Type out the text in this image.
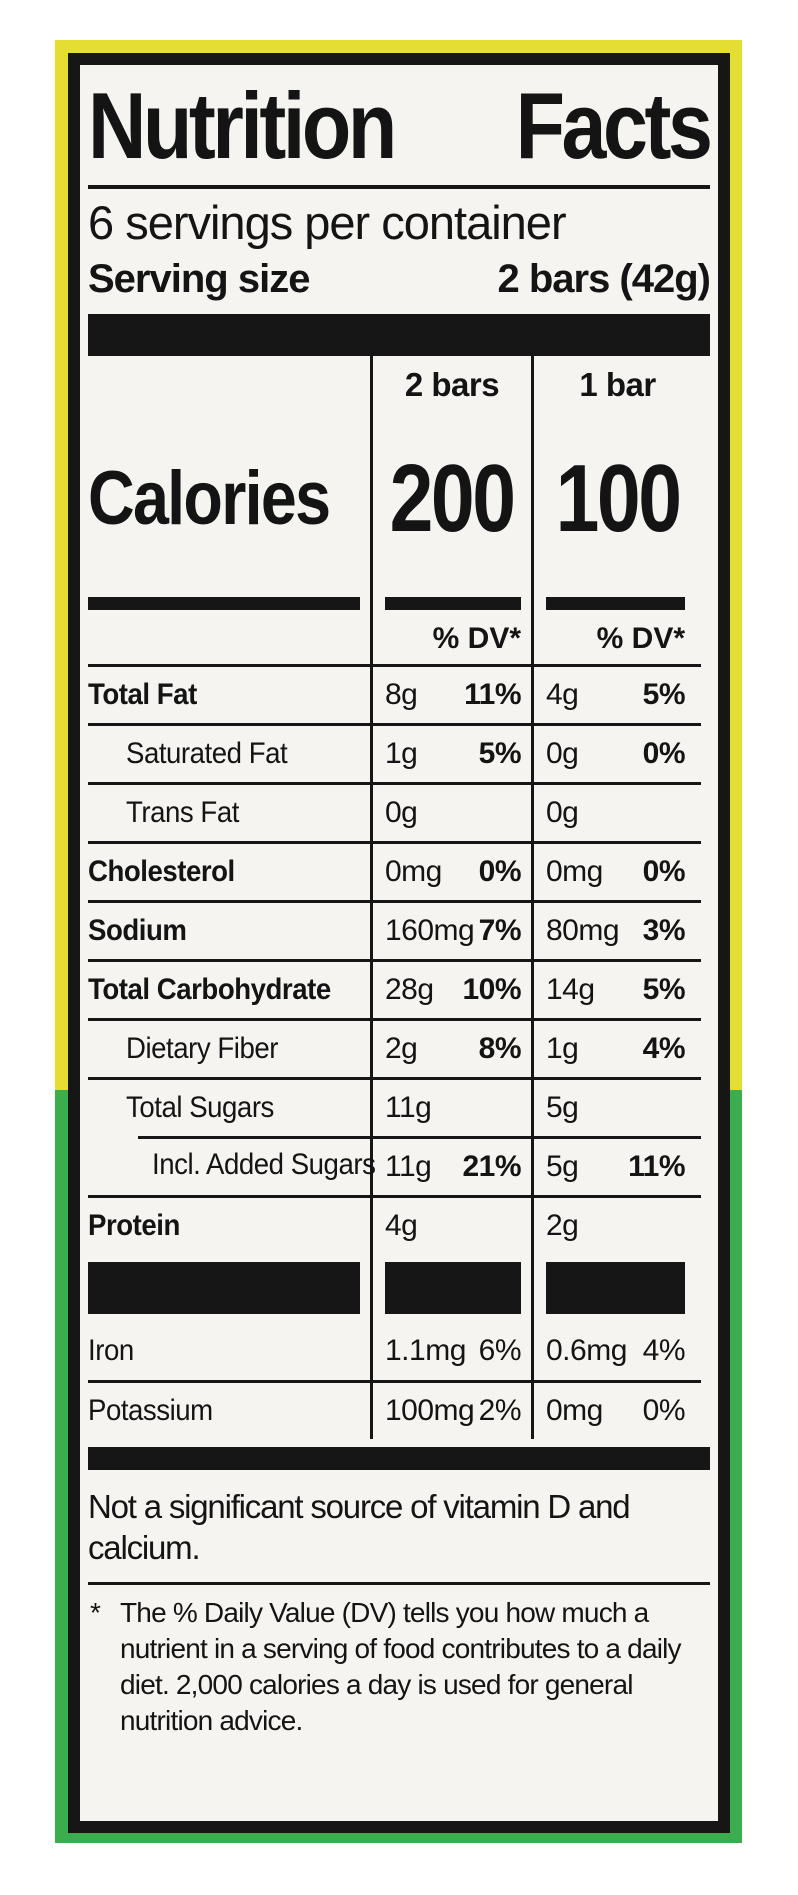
Nutrition Facts
6 servings per container
Serving size	2 bars (42g)
2 bars	1 bar
Calories 200 100
% DV*	% DV*
Total Fat	8g 11% 4g 5%
Saturated Fat	1g 5% 0g 0%
Trans Fat	0g	0g
Cholesterol	0mg 0% 0mg 0%
Sodium	160mg 7% 80mg 3%
Total Carbohydrate 28g 10% 14g 5%
Dietary Fiber	2g 8% 1g 4%
Total Sugars	11g	5g
Incl. Added Sugars 11g 21% 5g 11%
Protein	4g	2g
Iron	1.1mg 6% 0.6mg 4%
Potassium	100mg 2% 0mg 0%
Not a significant source of vitamin D and calcium.
* The % Daily Value (DV) tells you how much a nutrient in a serving of food contributes to a daily diet. 2,000 calories a day is used for general nutrition advice.
